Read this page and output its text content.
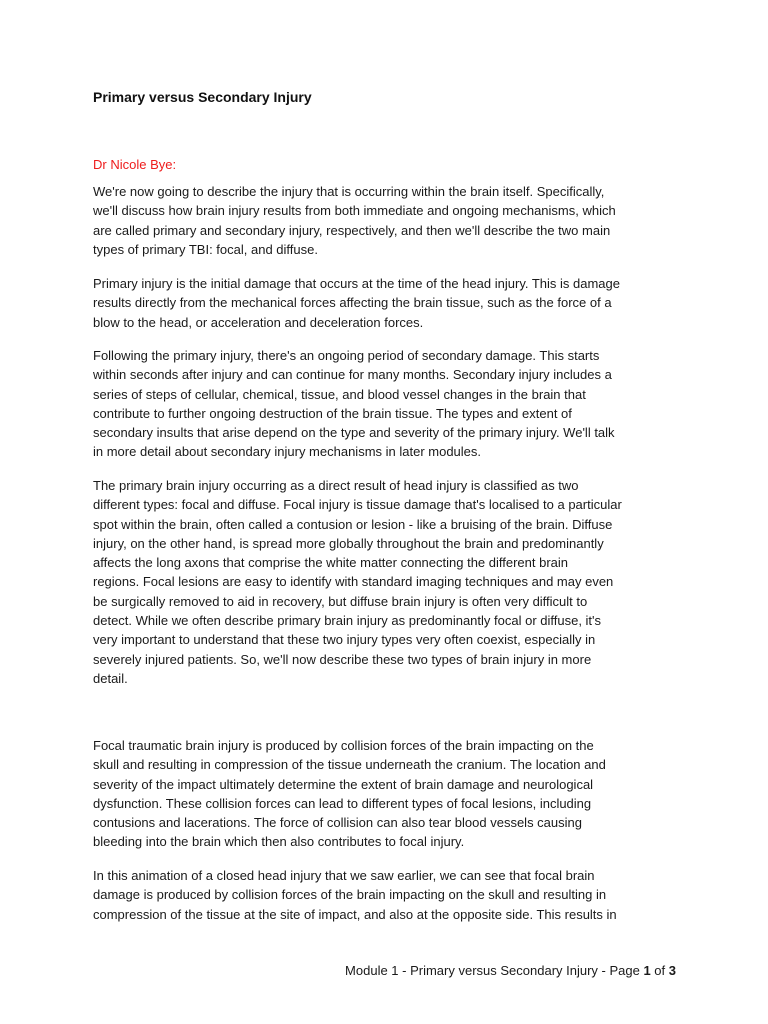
Primary versus Secondary Injury
Dr Nicole Bye:
We're now going to describe the injury that is occurring within the brain itself. Specifically,
we'll discuss how brain injury results from both immediate and ongoing mechanisms, which
are called primary and secondary injury, respectively, and then we'll describe the two main
types of primary TBI: focal, and diffuse.
Primary injury is the initial damage that occurs at the time of the head injury. This is damage
results directly from the mechanical forces affecting the brain tissue, such as the force of a
blow to the head, or acceleration and deceleration forces.
Following the primary injury, there's an ongoing period of secondary damage. This starts
within seconds after injury and can continue for many months. Secondary injury includes a
series of steps of cellular, chemical, tissue, and blood vessel changes in the brain that
contribute to further ongoing destruction of the brain tissue. The types and extent of
secondary insults that arise depend on the type and severity of the primary injury. We'll talk
in more detail about secondary injury mechanisms in later modules.
The primary brain injury occurring as a direct result of head injury is classified as two
different types: focal and diffuse. Focal injury is tissue damage that's localised to a particular
spot within the brain, often called a contusion or lesion - like a bruising of the brain. Diffuse
injury, on the other hand, is spread more globally throughout the brain and predominantly
affects the long axons that comprise the white matter connecting the different brain
regions. Focal lesions are easy to identify with standard imaging techniques and may even
be surgically removed to aid in recovery, but diffuse brain injury is often very difficult to
detect. While we often describe primary brain injury as predominantly focal or diffuse, it's
very important to understand that these two injury types very often coexist, especially in
severely injured patients. So, we'll now describe these two types of brain injury in more
detail.
Focal traumatic brain injury is produced by collision forces of the brain impacting on the
skull and resulting in compression of the tissue underneath the cranium. The location and
severity of the impact ultimately determine the extent of brain damage and neurological
dysfunction. These collision forces can lead to different types of focal lesions, including
contusions and lacerations. The force of collision can also tear blood vessels causing
bleeding into the brain which then also contributes to focal injury.
In this animation of a closed head injury that we saw earlier, we can see that focal brain
damage is produced by collision forces of the brain impacting on the skull and resulting in
compression of the tissue at the site of impact, and also at the opposite side. This results in
Module 1 - Primary versus Secondary Injury - Page 1 of 3
